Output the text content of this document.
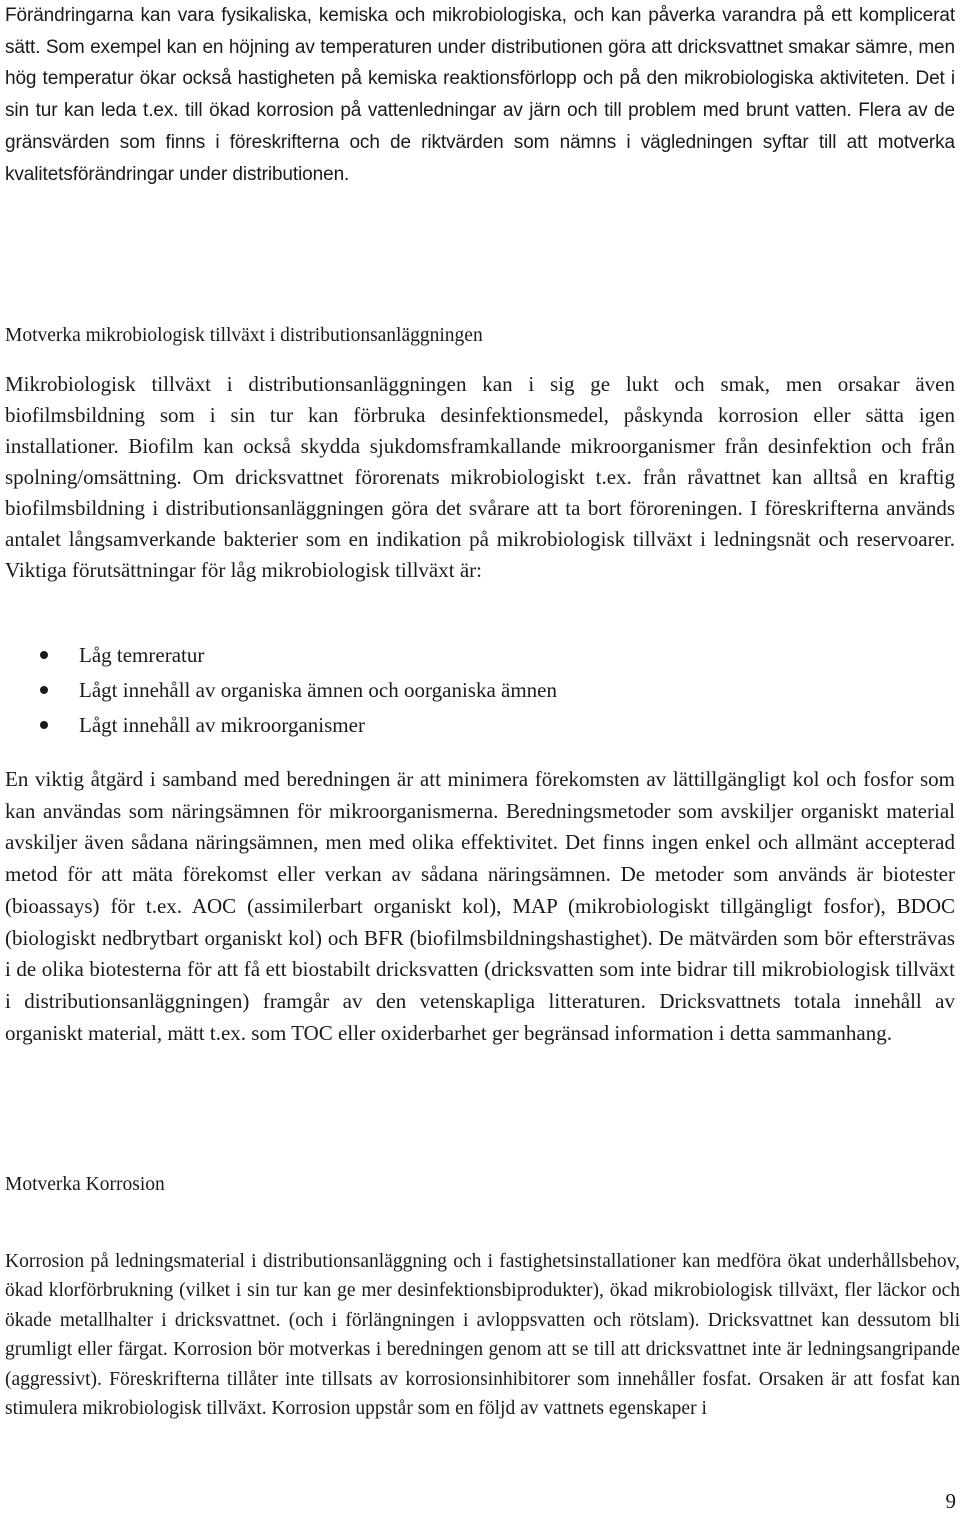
Förändringarna kan vara fysikaliska, kemiska och mikrobiologiska, och kan påverka varandra på ett komplicerat sätt. Som exempel kan en höjning av temperaturen under distributionen göra att dricksvattnet smakar sämre, men hög temperatur ökar också hastigheten på kemiska reaktionsförlopp och på den mikrobiologiska aktiviteten. Det i sin tur kan leda t.ex. till ökad korrosion på vattenledningar av järn och till problem med brunt vatten. Flera av de gränsvärden som finns i föreskrifterna och de riktvärden som nämns i vägledningen syftar till att motverka kvalitetsförändringar under distributionen.

Motverka mikrobiologisk tillväxt i distributionsanläggningen

Mikrobiologisk tillväxt i distributionsanläggningen kan i sig ge lukt och smak, men orsakar även biofilmsbildning som i sin tur kan förbruka desinfektionsmedel, påskynda korrosion eller sätta igen installationer. Biofilm kan också skydda sjukdomsframkallande mikroorganismer från desinfektion och från spolning/omsättning. Om dricksvattnet förorenats mikrobiologiskt t.ex. från råvattnet kan alltså en kraftig biofilmsbildning i distributionsanläggningen göra det svårare att ta bort föroreningen. I föreskrifterna används antalet långsamverkande bakterier som en indikation på mikrobiologisk tillväxt i ledningsnät och reservoarer. Viktiga förutsättningar för låg mikrobiologisk tillväxt är:

Låg temreratur
Lågt innehåll av organiska ämnen och oorganiska ämnen
Lågt innehåll av mikroorganismer

En viktig åtgärd i samband med beredningen är att minimera förekomsten av lättillgängligt kol och fosfor som kan användas som näringsämnen för mikroorganismerna. Beredningsmetoder som avskiljer organiskt material avskiljer även sådana näringsämnen, men med olika effektivitet. Det finns ingen enkel och allmänt accepterad metod för att mäta förekomst eller verkan av sådana näringsämnen. De metoder som används är biotester (bioassays) för t.ex. AOC (assimilerbart organiskt kol), MAP (mikrobiologiskt tillgängligt fosfor), BDOC (biologiskt nedbrytbart organiskt kol) och BFR (biofilmsbildningshastighet). De mätvärden som bör eftersträvas i de olika biotesterna för att få ett biostabilt dricksvatten (dricksvatten som inte bidrar till mikrobiologisk tillväxt i distributionsanläggningen) framgår av den vetenskapliga litteraturen. Dricksvattnets totala innehåll av organiskt material, mätt t.ex. som TOC eller oxiderbarhet ger begränsad information i detta sammanhang.

Motverka Korrosion

Korrosion på ledningsmaterial i distributionsanläggning och i fastighetsinstallationer kan medföra ökat underhållsbehov, ökad klorförbrukning (vilket i sin tur kan ge mer desinfektionsbiprodukter), ökad mikrobiologisk tillväxt, fler läckor och ökade metallhalter i dricksvattnet. (och i förlängningen i avloppsvatten och rötslam). Dricksvattnet kan dessutom bli grumligt eller färgat. Korrosion bör motverkas i beredningen genom att se till att dricksvattnet inte är ledningsangripande (aggressivt). Föreskrifterna tillåter inte tillsats av korrosionsinhibitorer som innehåller fosfat. Orsaken är att fosfat kan stimulera mikrobiologisk tillväxt. Korrosion uppstår som en följd av vattnets egenskaper i

9
